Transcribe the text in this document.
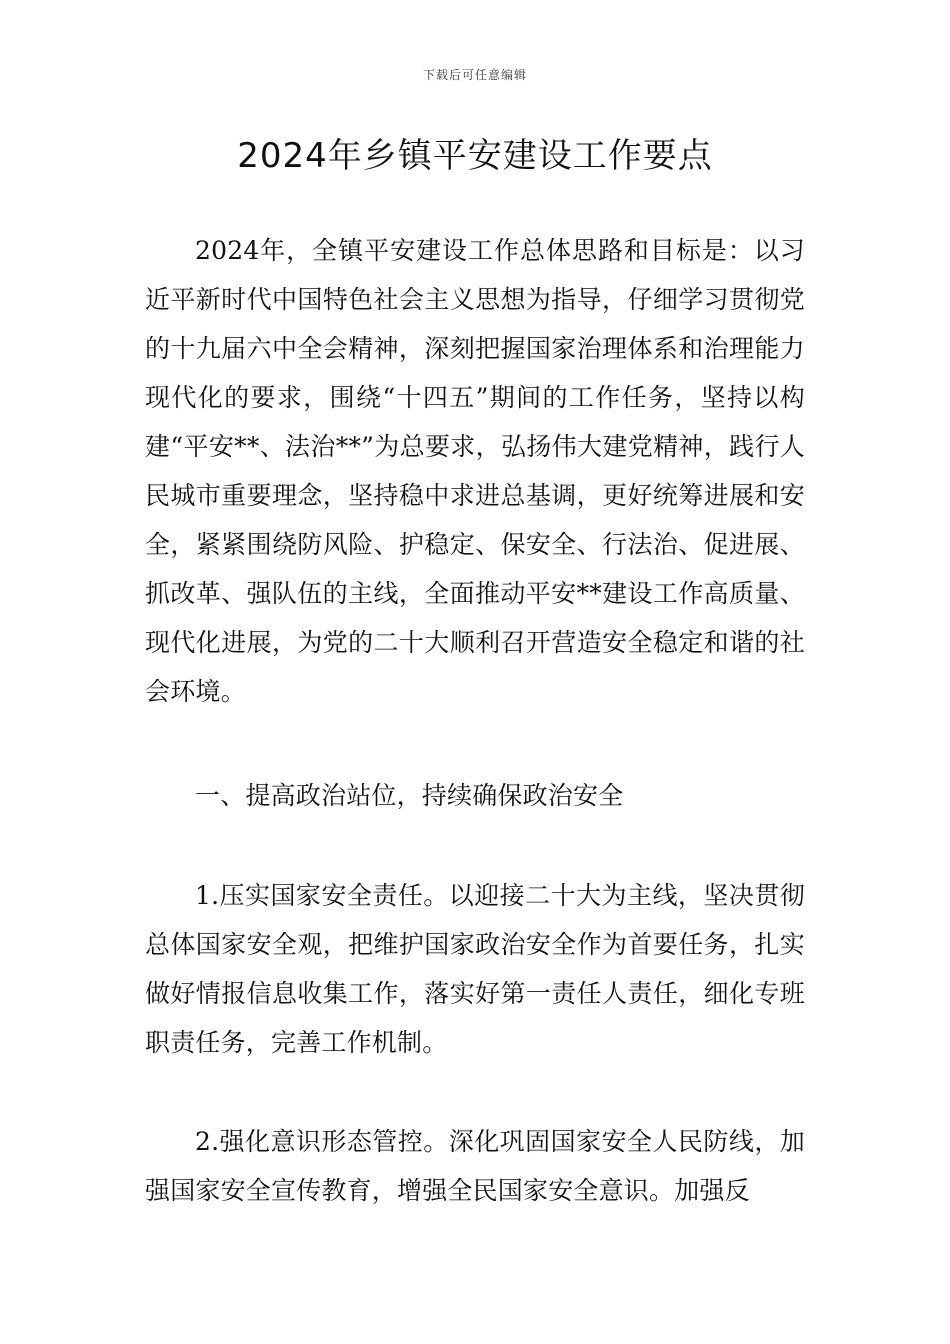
下载后可任意编辑
2024年乡镇平安建设工作要点

2024年，全镇平安建设工作总体思路和目标是：以习近平新时代中国特色社会主义思想为指导，仔细学习贯彻党的十九届六中全会精神，深刻把握国家治理体系和治理能力现代化的要求，围绕“十四五”期间的工作任务，坚持以构建“平安**、法治**”为总要求，弘扬伟大建党精神，践行人民城市重要理念，坚持稳中求进总基调，更好统筹进展和安全，紧紧围绕防风险、护稳定、保安全、行法治、促进展、抓改革、强队伍的主线，全面推动平安**建设工作高质量、现代化进展，为党的二十大顺利召开营造安全稳定和谐的社会环境。

一、提高政治站位，持续确保政治安全

1.压实国家安全责任。以迎接二十大为主线，坚决贯彻总体国家安全观，把维护国家政治安全作为首要任务，扎实做好情报信息收集工作，落实好第一责任人责任，细化专班职责任务，完善工作机制。

2.强化意识形态管控。深化巩固国家安全人民防线，加强国家安全宣传教育，增强全民国家安全意识。加强反
